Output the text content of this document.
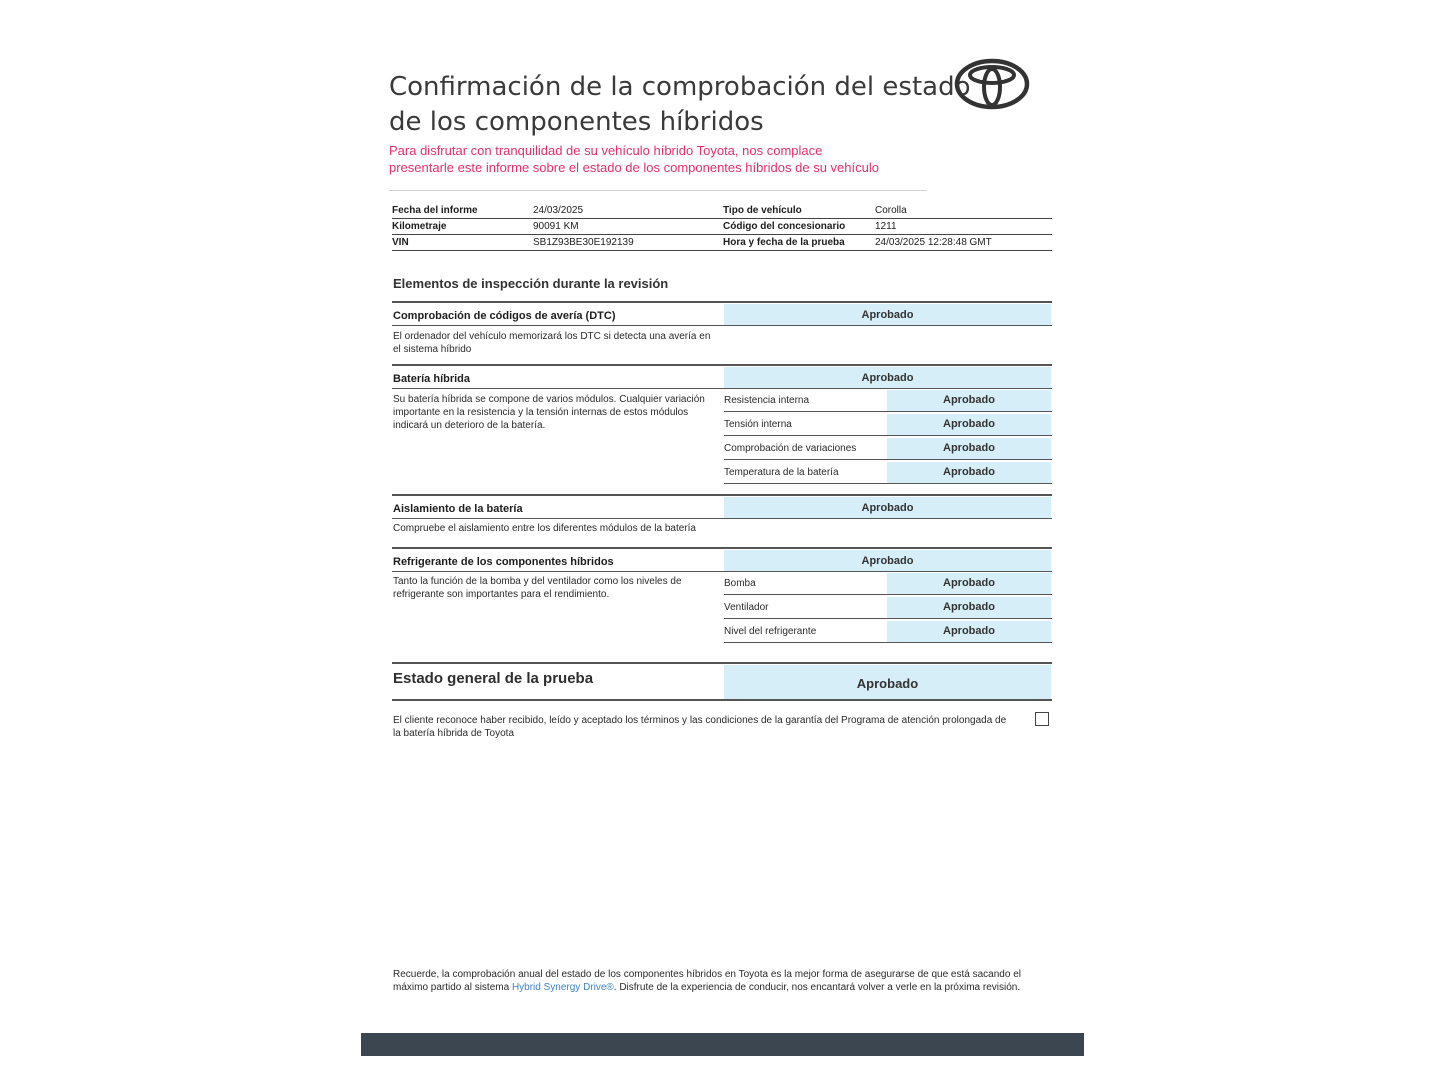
Confirmación de la comprobación del estado
de los componentes híbridos

Para disfrutar con tranquilidad de su vehículo híbrido Toyota, nos complace presentarle este informe sobre el estado de los componentes híbridos de su vehículo

Fecha del informe	24/03/2025	Tipo de vehículo	Corolla
Kilometraje	90091 KM	Código del concesionario	1211
VIN	SB1Z93BE30E192139	Hora y fecha de la prueba	24/03/2025 12:28:48 GMT
Elementos de inspección durante la revisión
Comprobación de códigos de avería (DTC)	Aprobado
El ordenador del vehículo memorizará los DTC si detecta una avería en el sistema híbrido
Batería híbrida	Aprobado
Su batería híbrida se compone de varios módulos. Cualquier variación importante en la resistencia y la tensión internas de estos módulos indicará un deterioro de la batería.
Resistencia interna	Aprobado
Tensión interna	Aprobado
Comprobación de variaciones	Aprobado
Temperatura de la batería	Aprobado
Aislamiento de la batería	Aprobado
Compruebe el aislamiento entre los diferentes módulos de la batería
Refrigerante de los componentes híbridos	Aprobado
Tanto la función de la bomba y del ventilador como los niveles de refrigerante son importantes para el rendimiento.
Bomba	Aprobado
Ventilador	Aprobado
Nivel del refrigerante	Aprobado
Estado general de la prueba	Aprobado
El cliente reconoce haber recibido, leído y aceptado los términos y las condiciones de la garantía del Programa de atención prolongada de la batería híbrida de Toyota
Recuerde, la comprobación anual del estado de los componentes híbridos en Toyota es la mejor forma de asegurarse de que está sacando el máximo partido al sistema Hybrid Synergy Drive®. Disfrute de la experiencia de conducir, nos encantará volver a verle en la próxima revisión.
